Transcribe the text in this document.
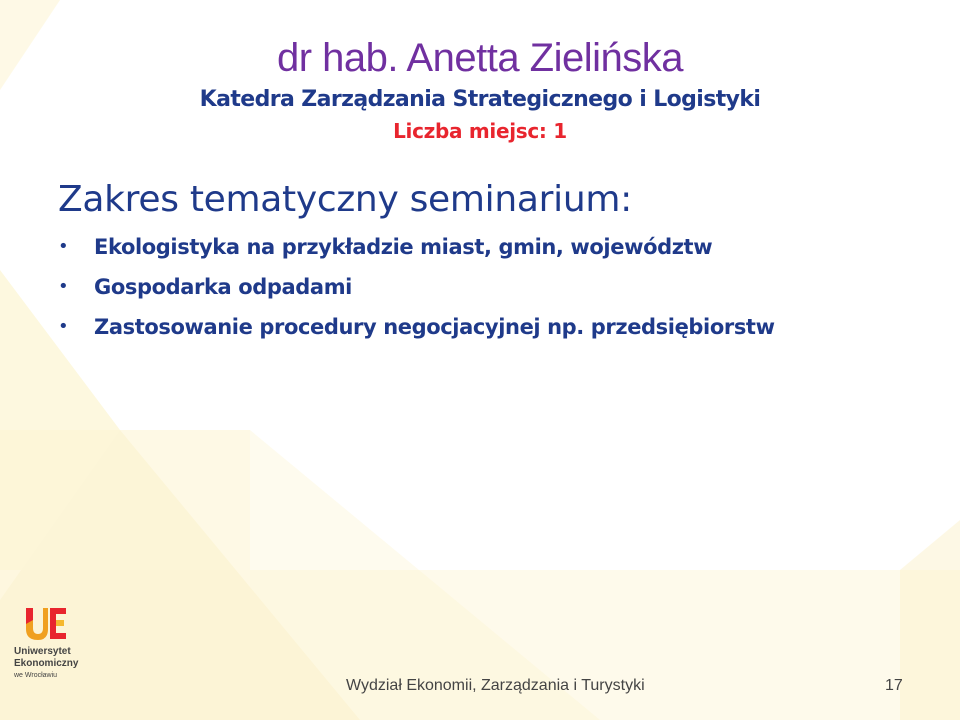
dr hab. Anetta Zielińska
Katedra Zarządzania Strategicznego i Logistyki
Liczba miejsc: 1
Zakres tematyczny seminarium:
• Ekologistyka na przykładzie miast, gmin, województw
• Gospodarka odpadami
• Zastosowanie procedury negocjacyjnej np. przedsiębiorstw
Uniwersytet
Ekonomiczny
we Wrocławiu
Wydział Ekonomii, Zarządzania i Turystyki	17
